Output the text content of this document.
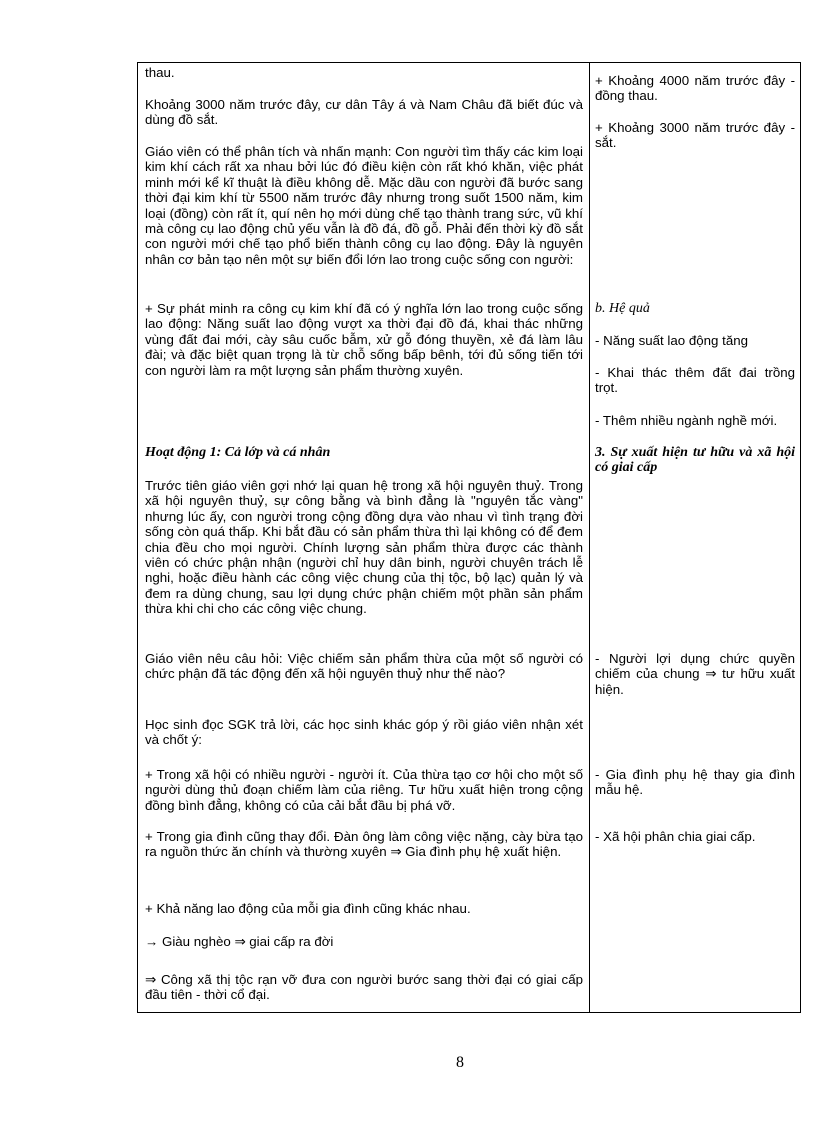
thau.

Khoảng 3000 năm trước đây, cư dân Tây á và Nam Châu đã biết đúc và dùng đồ sắt.

Giáo viên có thể phân tích và nhấn mạnh: Con người tìm thấy các kim loại kim khí cách rất xa nhau bởi lúc đó điều kiện còn rất khó khăn, việc phát minh mới kể kĩ thuật là điều không dễ. Mặc dầu con người đã bước sang thời đại kim khí từ 5500 năm trước đây nhưng trong suốt 1500 năm, kim loại (đồng) còn rất ít, quí nên họ mới dùng chế tạo thành trang sức, vũ khí mà công cụ lao động chủ yếu vẫn là đồ đá, đồ gỗ. Phải đến thời kỳ đồ sắt con người mới chế tạo phổ biến thành công cụ lao động. Đây là nguyên nhân cơ bản tạo nên một sự biến đổi lớn lao trong cuộc sống con người:

+ Sự phát minh ra công cụ kim khí đã có ý nghĩa lớn lao trong cuộc sống lao động: Năng suất lao động vượt xa thời đại đồ đá, khai thác những vùng đất đai mới, cày sâu cuốc bẫm, xử gỗ đóng thuyền, xẻ đá làm lâu đài; và đặc biệt quan trọng là từ chỗ sống bấp bênh, tới đủ sống tiến tới con người làm ra một lượng sản phẩm thường xuyên.

Hoạt động 1: Cả lớp và cá nhân

Trước tiên giáo viên gợi nhớ lại quan hệ trong xã hội nguyên thuỷ. Trong xã hội nguyên thuỷ, sự công bằng và bình đẳng là "nguyên tắc vàng" nhưng lúc ấy, con người trong cộng đồng dựa vào nhau vì tình trạng đời sống còn quá thấp. Khi bắt đầu có sản phẩm thừa thì lại không có để đem chia đều cho mọi người. Chính lượng sản phẩm thừa được các thành viên có chức phận nhận (người chỉ huy dân binh, người chuyên trách lễ nghi, hoặc điều hành các công việc chung của thị tộc, bộ lạc) quản lý và đem ra dùng chung, sau lợi dụng chức phận chiếm một phần sản phẩm thừa khi chi cho các công việc chung.

Giáo viên nêu câu hỏi: Việc chiếm sản phẩm thừa của một số người có chức phận đã tác động đến xã hội nguyên thuỷ như thế nào?

Học sinh đọc SGK trả lời, các học sinh khác góp ý rồi giáo viên nhận xét và chốt ý:

+ Trong xã hội có nhiều người - người ít. Của thừa tạo cơ hội cho một số người dùng thủ đoạn chiếm làm của riêng. Tư hữu xuất hiện trong cộng đồng bình đẳng, không có của cải bắt đầu bị phá vỡ.

+ Trong gia đình cũng thay đổi. Đàn ông làm công việc nặng, cày bừa tạo ra nguồn thức ăn chính và thường xuyên ⇒ Gia đình phụ hệ xuất hiện.

+ Khả năng lao động của mỗi gia đình cũng khác nhau.

→ Giàu nghèo ⇒ giai cấp ra đời

⇒ Công xã thị tộc rạn vỡ đưa con người bước sang thời đại có giai cấp đầu tiên - thời cổ đại.

+ Khoảng 4000 năm trước đây - đồng thau.

+ Khoảng 3000 năm trước đây - sắt.

b. Hệ quả

- Năng suất lao động tăng

- Khai thác thêm đất đai trồng trọt.

- Thêm nhiều ngành nghề mới.

3. Sự xuất hiện tư hữu và xã hội có giai cấp

- Người lợi dụng chức quyền chiếm của chung ⇒ tư hữu xuất hiện.

- Gia đình phụ hệ thay gia đình mẫu hệ.

- Xã hội phân chia giai cấp.

8
